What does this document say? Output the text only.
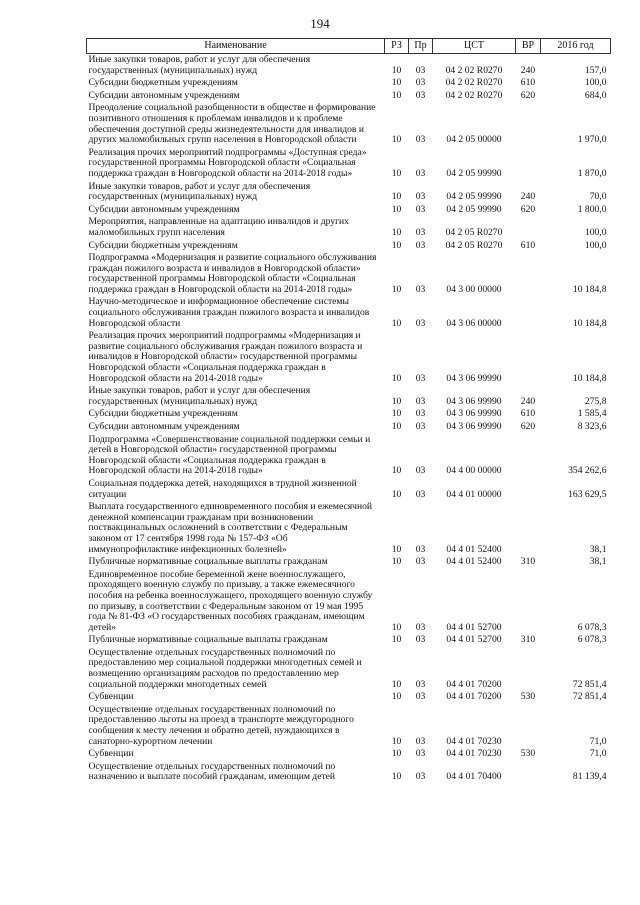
194
Наименование	РЗ	Пр	ЦСТ	ВР	2016 год
Иные закупки товаров, работ и услуг для обеспечения государственных (муниципальных) нужд	10	03	04 2 02 R0270	240	157,0
Субсидии бюджетным учреждениям	10	03	04 2 02 R0270	610	100,0
Субсидии автономным учреждениям	10	03	04 2 02 R0270	620	684,0
Преодоление социальной разобщенности в обществе и формирование позитивного отношения к проблемам инвалидов и к проблеме обеспечения доступной среды жизнедеятельности для инвалидов и других маломобильных групп населения в Новгородской области	10	03	04 2 05 00000		1 970,0
Реализация прочих мероприятий подпрограммы «Доступная среда» государственной программы Новгородской области «Социальная поддержка граждан в Новгородской области на 2014-2018 годы»	10	03	04 2 05 99990		1 870,0
Иные закупки товаров, работ и услуг для обеспечения государственных (муниципальных) нужд	10	03	04 2 05 99990	240	70,0
Субсидии автономным учреждениям	10	03	04 2 05 99990	620	1 800,0
Мероприятия, направленные на адаптацию инвалидов и других маломобильных групп населения	10	03	04 2 05 R0270		100,0
Субсидии бюджетным учреждениям	10	03	04 2 05 R0270	610	100,0
Подпрограмма «Модернизация и развитие социального обслуживания граждан пожилого возраста и инвалидов в Новгородской области» государственной программы Новгородской области «Социальная поддержка граждан в Новгородской области на 2014-2018 годы»	10	03	04 3 00 00000		10 184,8
Научно-методическое и информационное обеспечение системы социального обслуживания граждан пожилого возраста и инвалидов Новгородской области	10	03	04 3 06 00000		10 184,8
Реализация прочих мероприятий подпрограммы «Модернизация и развитие социального обслуживания граждан пожилого возраста и инвалидов в Новгородской области» государственной программы Новгородской области «Социальная поддержка граждан в Новгородской области на 2014-2018 годы»	10	03	04 3 06 99990		10 184,8
Иные закупки товаров, работ и услуг для обеспечения государственных (муниципальных) нужд	10	03	04 3 06 99990	240	275,8
Субсидии бюджетным учреждениям	10	03	04 3 06 99990	610	1 585,4
Субсидии автономным учреждениям	10	03	04 3 06 99990	620	8 323,6
Подпрограмма «Совершенствование социальной поддержки семьи и детей в Новгородской области» государственной программы Новгородской области «Социальная поддержка граждан в Новгородской области на 2014-2018 годы»	10	03	04 4 00 00000		354 262,6
Социальная поддержка детей, находящихся в трудной жизненной ситуации	10	03	04 4 01 00000		163 629,5
Выплата государственного единовременного пособия и ежемесячной денежной компенсации гражданам при возникновении поствакцинальных осложнений в соответствии с Федеральным законом от 17 сентября 1998 года № 157-ФЗ «Об иммунопрофилактике инфекционных болезней»	10	03	04 4 01 52400		38,1
Публичные нормативные социальные выплаты гражданам	10	03	04 4 01 52400	310	38,1
Единовременное пособие беременной жене военнослужащего, проходящего военную службу по призыву, а также ежемесячного пособия на ребенка военнослужащего, проходящего военную службу по призыву, в соответствии с Федеральным законом от 19 мая 1995 года № 81-ФЗ «О государственных пособиях гражданам, имеющим детей»	10	03	04 4 01 52700		6 078,3
Публичные нормативные социальные выплаты гражданам	10	03	04 4 01 52700	310	6 078,3
Осуществление отдельных государственных полномочий по предоставлению мер социальной поддержки многодетных семей и возмещению организациям расходов по предоставлению мер социальной поддержки многодетных семей	10	03	04 4 01 70200		72 851,4
Субвенции	10	03	04 4 01 70200	530	72 851,4
Осуществление отдельных государственных полномочий по предоставлению льготы на проезд в транспорте междугородного сообщения к месту лечения и обратно детей, нуждающихся в санаторно-курортном лечении	10	03	04 4 01 70230		71,0
Субвенции	10	03	04 4 01 70230	530	71,0
Осуществление отдельных государственных полномочий по назначению и выплате пособий гражданам, имеющим детей	10	03	04 4 01 70400		81 139,4
